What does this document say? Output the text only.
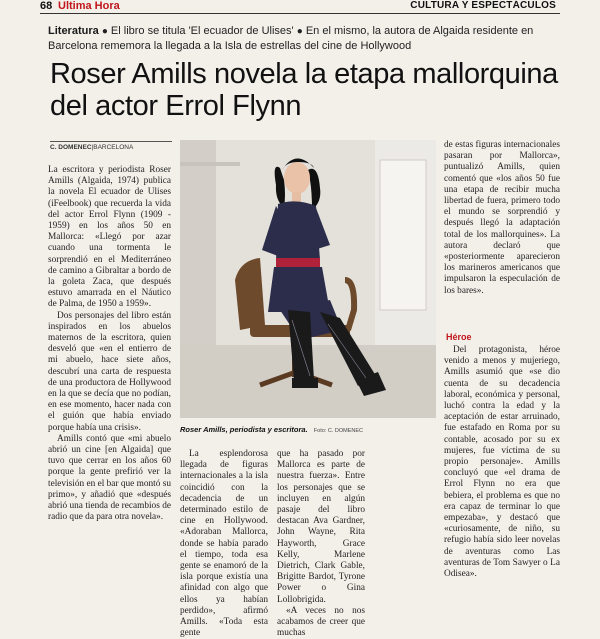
68 Ultima Hora	CULTURA Y ESPECTÁCULOS
Literatura ● El libro se titula 'El ecuador de Ulises' ● En el mismo, la autora de Algaida residente en Barcelona rememora la llegada a la Isla de estrellas del cine de Hollywood
Roser Amills novela la etapa mallorquina del actor Errol Flynn
C. DOMENEC|BARCELONA

La escritora y periodista Roser Amills (Algaida, 1974) publica la novela El ecuador de Ulises (iFeelbook) que recuerda la vida del actor Errol Flynn (1909 - 1959) en los años 50 en Mallorca: «Llegó por azar cuando una tormenta le sorprendió en el Mediterráneo de camino a Gibraltar a bordo de la goleta Zaca, que después estuvo amarrada en el Náutico de Palma, de 1950 a 1959».

Dos personajes del libro están inspirados en los abuelos maternos de la escritora, quien desveló que «en el entierro de mi abuelo, hace siete años, descubrí una carta de respuesta de una productora de Hollywood en la que se decía que no podían, en ese momento, hacer nada con el guión que había enviado porque había una crisis».

Amills contó que «mi abuelo abrió un cine [en Algaida] que tuvo que cerrar en los años 60 porque la gente prefirió ver la televisión en el bar que montó su primo», y añadió que «después abrió una tienda de recambios de radio que da para otra novela».

Roser Amills, periodista y escritora. Foto: C. DOMENEC

La esplendorosa llegada de figuras internacionales a la isla coincidió con la decadencia de un determinado estilo de cine en Hollywood. «Adoraban Mallorca, donde se había parado el tiempo, toda esa gente se enamoró de la isla porque existía una afinidad con algo que ellos ya habían perdido», afirmó Amills. «Toda esta gente

que ha pasado por Mallorca es parte de nuestra fuerza». Entre los personajes que se incluyen en algún pasaje del libro destacan Ava Gardner, John Wayne, Rita Hayworth, Grace Kelly, Marlene Dietrich, Clark Gable, Brigitte Bardot, Tyrone Power o Gina Lollobrigida.

«A veces no nos acabamos de creer que muchas

de estas figuras internacionales pasaran por Mallorca», puntualizó Amills, quien comentó que «los años 50 fue una etapa de recibir mucha libertad de fuera, primero todo el mundo se sorprendió y después llegó la adaptación total de los mallorquines». La autora declaró que «posteriormente aparecieron los marineros americanos que impulsaron la especulación de los bares».

Héroe

Del protagonista, héroe venido a menos y mujeriego, Amills asumió que «se dio cuenta de su decadencia laboral, económica y personal, luchó contra la edad y la aceptación de estar arruinado, fue estafado en Roma por su contable, acosado por su ex mujeres, fue víctima de su propio personaje». Amills concluyó que «el drama de Errol Flynn no era que bebiera, el problema es que no era capaz de terminar lo que empezaba», y destacó que «curiosamente, de niño, su refugio había sido leer novelas de aventuras como Las aventuras de Tom Sawyer o La Odisea».
